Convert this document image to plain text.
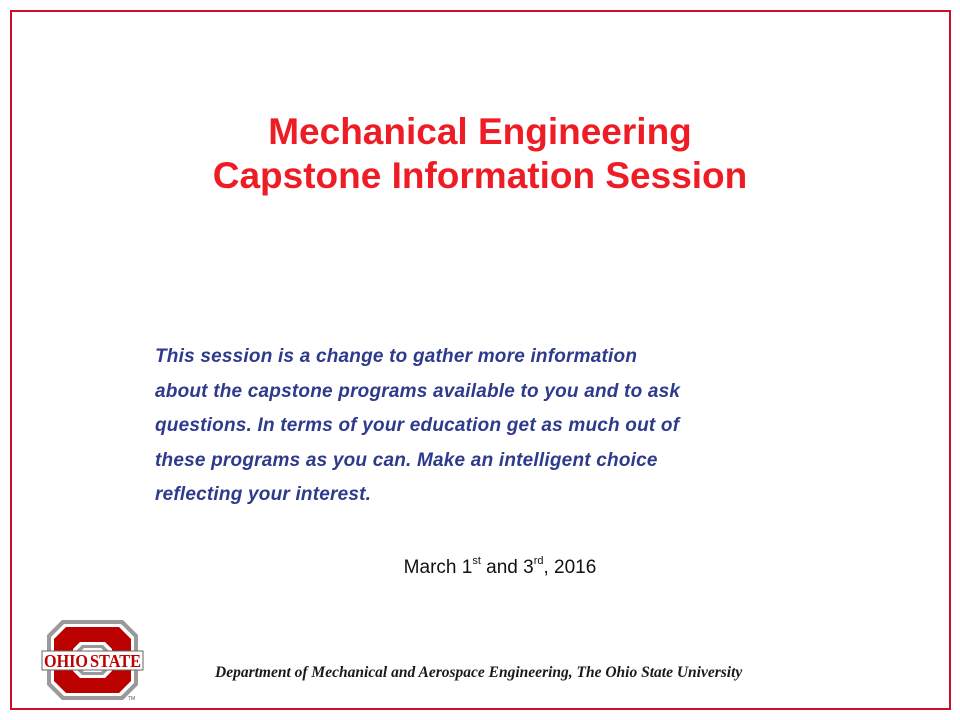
Mechanical Engineering
Capstone Information Session
This session is a change to gather more information
about the capstone programs available to you and to ask
questions. In terms of your education get as much out of
these programs as you can. Make an intelligent choice
reflecting your interest.

March 1st and 3rd, 2016

OHIO STATE
TM

Department of Mechanical and Aerospace Engineering, The Ohio State University
